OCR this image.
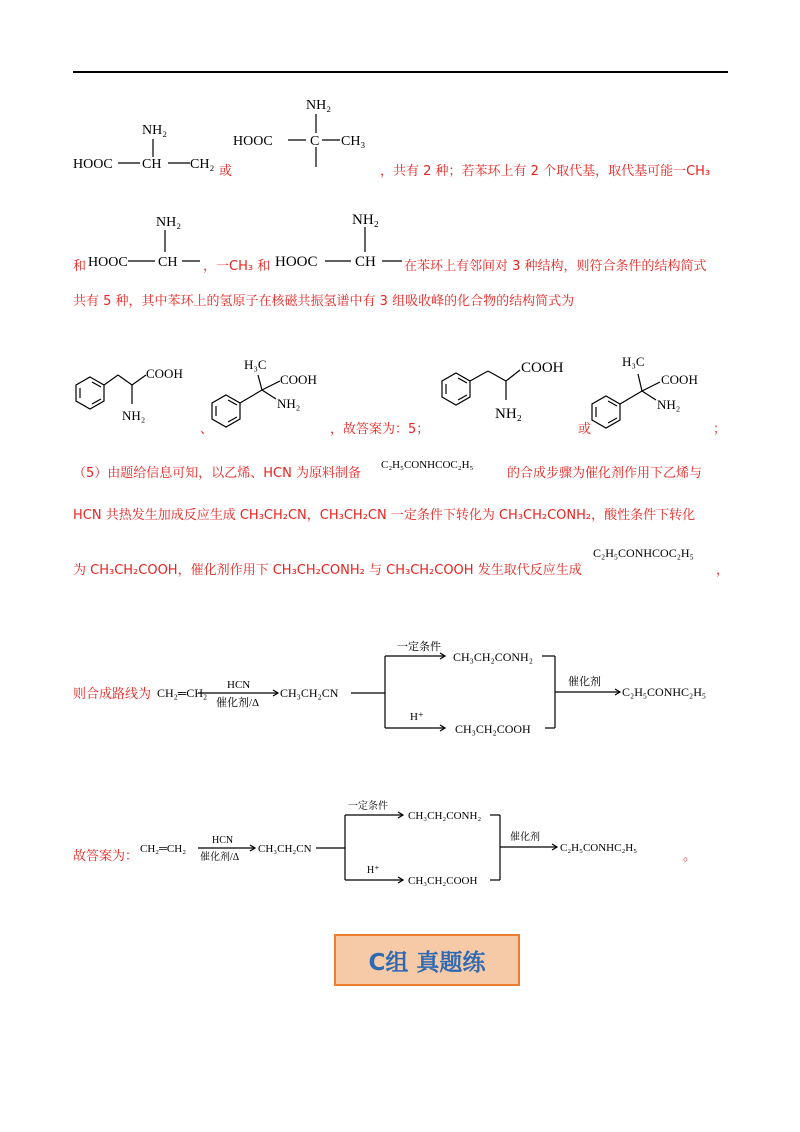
或	，共有 2 种；若苯环上有 2 个取代基，取代基可能一CH₃
和	，一CH₃ 和	在苯环上有邻间对 3 种结构，则符合条件的结构简式
共有 5 种，其中苯环上的氢原子在核磁共振氢谱中有 3 组吸收峰的化合物的结构简式为
、	，故答案为：5；	或	；
（5）由题给信息可知，以乙烯、HCN 为原料制备	的合成步骤为催化剂作用下乙烯与
HCN 共热发生加成反应生成 CH₃CH₂CN，CH₃CH₂CN 一定条件下转化为 CH₃CH₂CONH₂，酸性条件下转化
为 CH₃CH₂COOH，催化剂作用下 CH₃CH₂CONH₂ 与 CH₃CH₂COOH 发生取代反应生成	，
则合成路线为
故答案为：	。
NH₂
HOOC CH CH₂
NH₂
HOOC	C CH₃
NH₂
HOOC CH
NH₂
HOOC CH
COOH
NH₂
H₃C
COOH
NH₂
COOH
NH₂
H₃C
COOH
NH₂
C₂H₅CONHCOC₂H₅
C₂H₅CONHCOC₂H₅
CH₂═CH₂
HCN
催化剂/Δ
CH₃CH₂CN
一定条件
CH₃CH₂CONH₂
H⁺
CH₃CH₂COOH
催化剂
C₂H₅CONHC₂H₅
CH₂═CH₂
HCN
催化剂/Δ
CH₃CH₂CN
一定条件
CH₃CH₂CONH₂
H⁺
CH₃CH₂COOH
催化剂
C₂H₅CONHC₂H₅
C组 真题练
